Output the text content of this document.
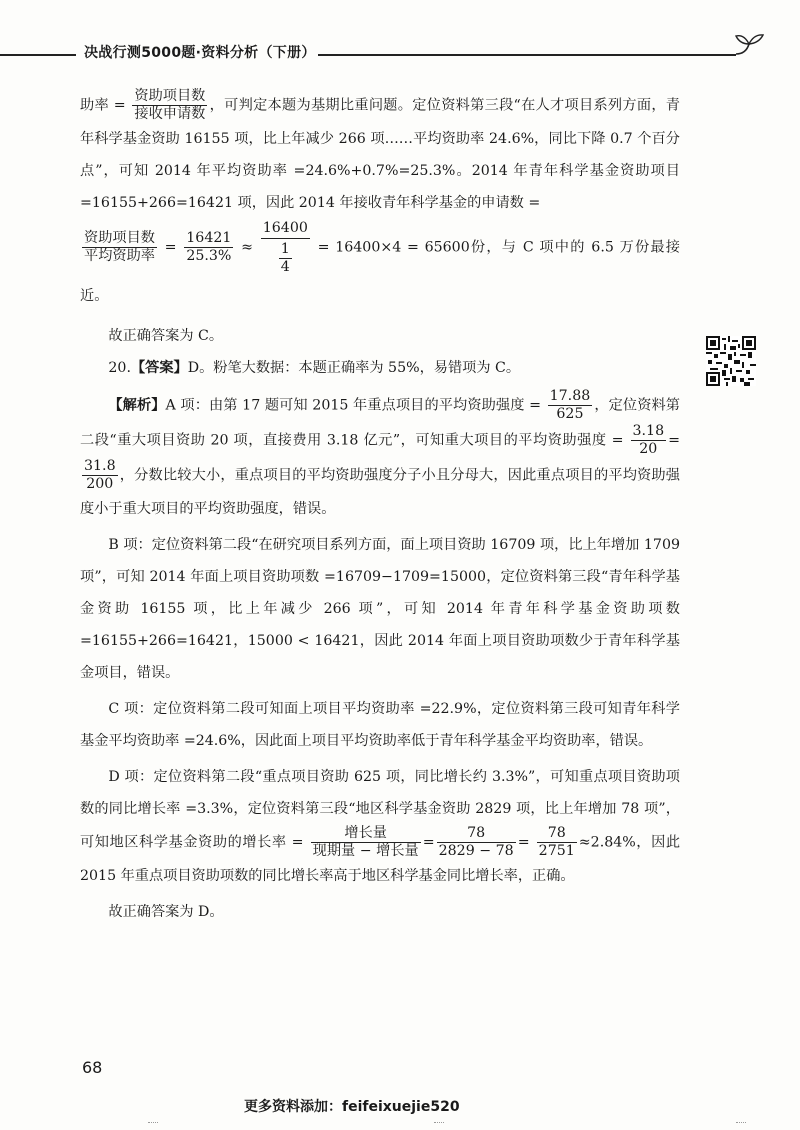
决战行测5000题·资料分析（下册）

助率 = $\frac{\text{资助项目数}}{\text{接收申请数}}$ ，可判定本题为基期比重问题。定位资料第三段“在人才项目系列方面，青年科学基金资助 16155 项，比上年减少 266 项……平均资助率 24.6%，同比下降 0.7 个百分点”，可知 2014 年平均资助率 =24.6%+0.7%=25.3%。2014 年青年科学基金资助项目 =16155+266=16421 项，因此 2014 年接收青年科学基金的申请数 =

$\frac{\text{资助项目数}}{\text{平均资助率}} = \frac{16421}{25.3\%} \approx \frac{16400}{\frac{1}{4}} = 16400\times 4 = 65600$份，与 C 项中的 6.5 万份最接近。

故正确答案为 C。

20.【答案】D。粉笔大数据：本题正确率为 55%，易错项为 C。

【解析】A 项：由第 17 题可知 2015 年重点项目的平均资助强度 = $\frac{17.88}{625}$ ，定位资料第二段“重大项目资助 20 项，直接费用 3.18 亿元”，可知重大项目的平均资助强度 = $\frac{3.18}{20}$ =
$\frac{31.8}{200}$ ，分数比较大小，重点项目的平均资助强度分子小且分母大，因此重点项目的平均资助强度小于重大项目的平均资助强度，错误。

B 项：定位资料第二段“在研究项目系列方面，面上项目资助 16709 项，比上年增加 1709 项”，可知 2014 年面上项目资助项数 =16709−1709=15000，定位资料第三段“青年科学基金资助 16155 项，比上年减少 266 项”，可知 2014 年青年科学基金资助项数 =16155+266=16421，15000 < 16421，因此 2014 年面上项目资助项数少于青年科学基金项目，错误。

C 项：定位资料第二段可知面上项目平均资助率 =22.9%，定位资料第三段可知青年科学基金平均资助率 =24.6%，因此面上项目平均资助率低于青年科学基金平均资助率，错误。

D 项：定位资料第二段“重点项目资助 625 项，同比增长约 3.3%”，可知重点项目资助项数的同比增长率 =3.3%，定位资料第三段“地区科学基金资助 2829 项，比上年增加 78 项”，可知地区科学基金资助的增长率 = $\frac{\text{增长量}}{\text{现期量 − 增长量}} = \frac{78}{2829 - 78} = \frac{78}{2751} \approx 2.84\%$，因此 2015 年重点项目资助项数的同比增长率高于地区科学基金同比增长率，正确。

故正确答案为 D。

68
更多资料添加：feifeixuejie520
